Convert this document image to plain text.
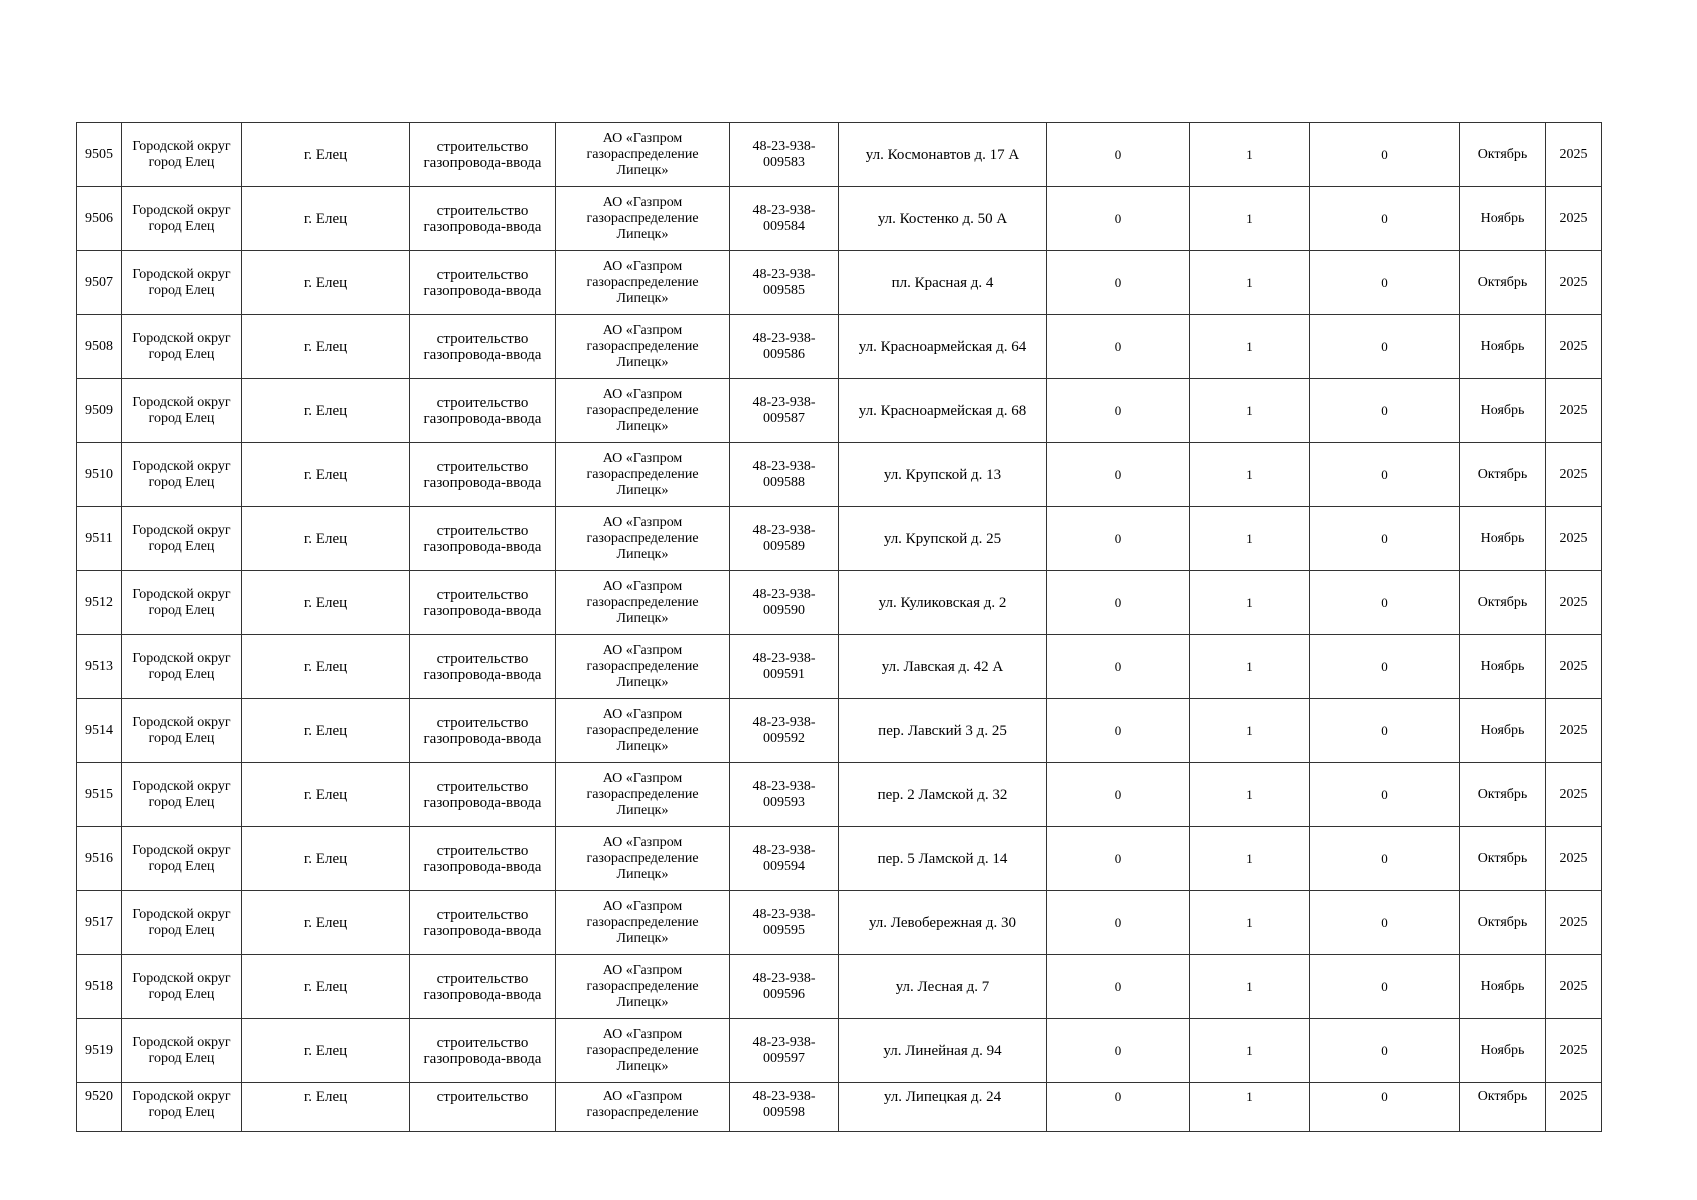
9505	Городской округ
город Елец	г. Елец	строительство
газопровода-ввода	АО «Газпром
газораспределение
Липецк»	48-23-938-
009583	ул. Космонавтов д. 17 А	0	1	0	Октябрь	2025
9506	Городской округ
город Елец	г. Елец	строительство
газопровода-ввода	АО «Газпром
газораспределение
Липецк»	48-23-938-
009584	ул. Костенко д. 50 А	0	1	0	Ноябрь	2025
9507	Городской округ
город Елец	г. Елец	строительство
газопровода-ввода	АО «Газпром
газораспределение
Липецк»	48-23-938-
009585	пл. Красная д. 4	0	1	0	Октябрь	2025
9508	Городской округ
город Елец	г. Елец	строительство
газопровода-ввода	АО «Газпром
газораспределение
Липецк»	48-23-938-
009586	ул. Красноармейская д. 64	0	1	0	Ноябрь	2025
9509	Городской округ
город Елец	г. Елец	строительство
газопровода-ввода	АО «Газпром
газораспределение
Липецк»	48-23-938-
009587	ул. Красноармейская д. 68	0	1	0	Ноябрь	2025
9510	Городской округ
город Елец	г. Елец	строительство
газопровода-ввода	АО «Газпром
газораспределение
Липецк»	48-23-938-
009588	ул. Крупской д. 13	0	1	0	Октябрь	2025
9511	Городской округ
город Елец	г. Елец	строительство
газопровода-ввода	АО «Газпром
газораспределение
Липецк»	48-23-938-
009589	ул. Крупской д. 25	0	1	0	Ноябрь	2025
9512	Городской округ
город Елец	г. Елец	строительство
газопровода-ввода	АО «Газпром
газораспределение
Липецк»	48-23-938-
009590	ул. Куликовская д. 2	0	1	0	Октябрь	2025
9513	Городской округ
город Елец	г. Елец	строительство
газопровода-ввода	АО «Газпром
газораспределение
Липецк»	48-23-938-
009591	ул. Лавская д. 42 А	0	1	0	Ноябрь	2025
9514	Городской округ
город Елец	г. Елец	строительство
газопровода-ввода	АО «Газпром
газораспределение
Липецк»	48-23-938-
009592	пер. Лавский 3 д. 25	0	1	0	Ноябрь	2025
9515	Городской округ
город Елец	г. Елец	строительство
газопровода-ввода	АО «Газпром
газораспределение
Липецк»	48-23-938-
009593	пер. 2 Ламской д. 32	0	1	0	Октябрь	2025
9516	Городской округ
город Елец	г. Елец	строительство
газопровода-ввода	АО «Газпром
газораспределение
Липецк»	48-23-938-
009594	пер. 5 Ламской д. 14	0	1	0	Октябрь	2025
9517	Городской округ
город Елец	г. Елец	строительство
газопровода-ввода	АО «Газпром
газораспределение
Липецк»	48-23-938-
009595	ул. Левобережная д. 30	0	1	0	Октябрь	2025
9518	Городской округ
город Елец	г. Елец	строительство
газопровода-ввода	АО «Газпром
газораспределение
Липецк»	48-23-938-
009596	ул. Лесная д. 7	0	1	0	Ноябрь	2025
9519	Городской округ
город Елец	г. Елец	строительство
газопровода-ввода	АО «Газпром
газораспределение
Липецк»	48-23-938-
009597	ул. Линейная д. 94	0	1	0	Ноябрь	2025
9520	Городской округ
город Елец	г. Елец	строительство	АО «Газпром
газораспределение	48-23-938-
009598	ул. Липецкая д. 24	0	1	0	Октябрь	2025
